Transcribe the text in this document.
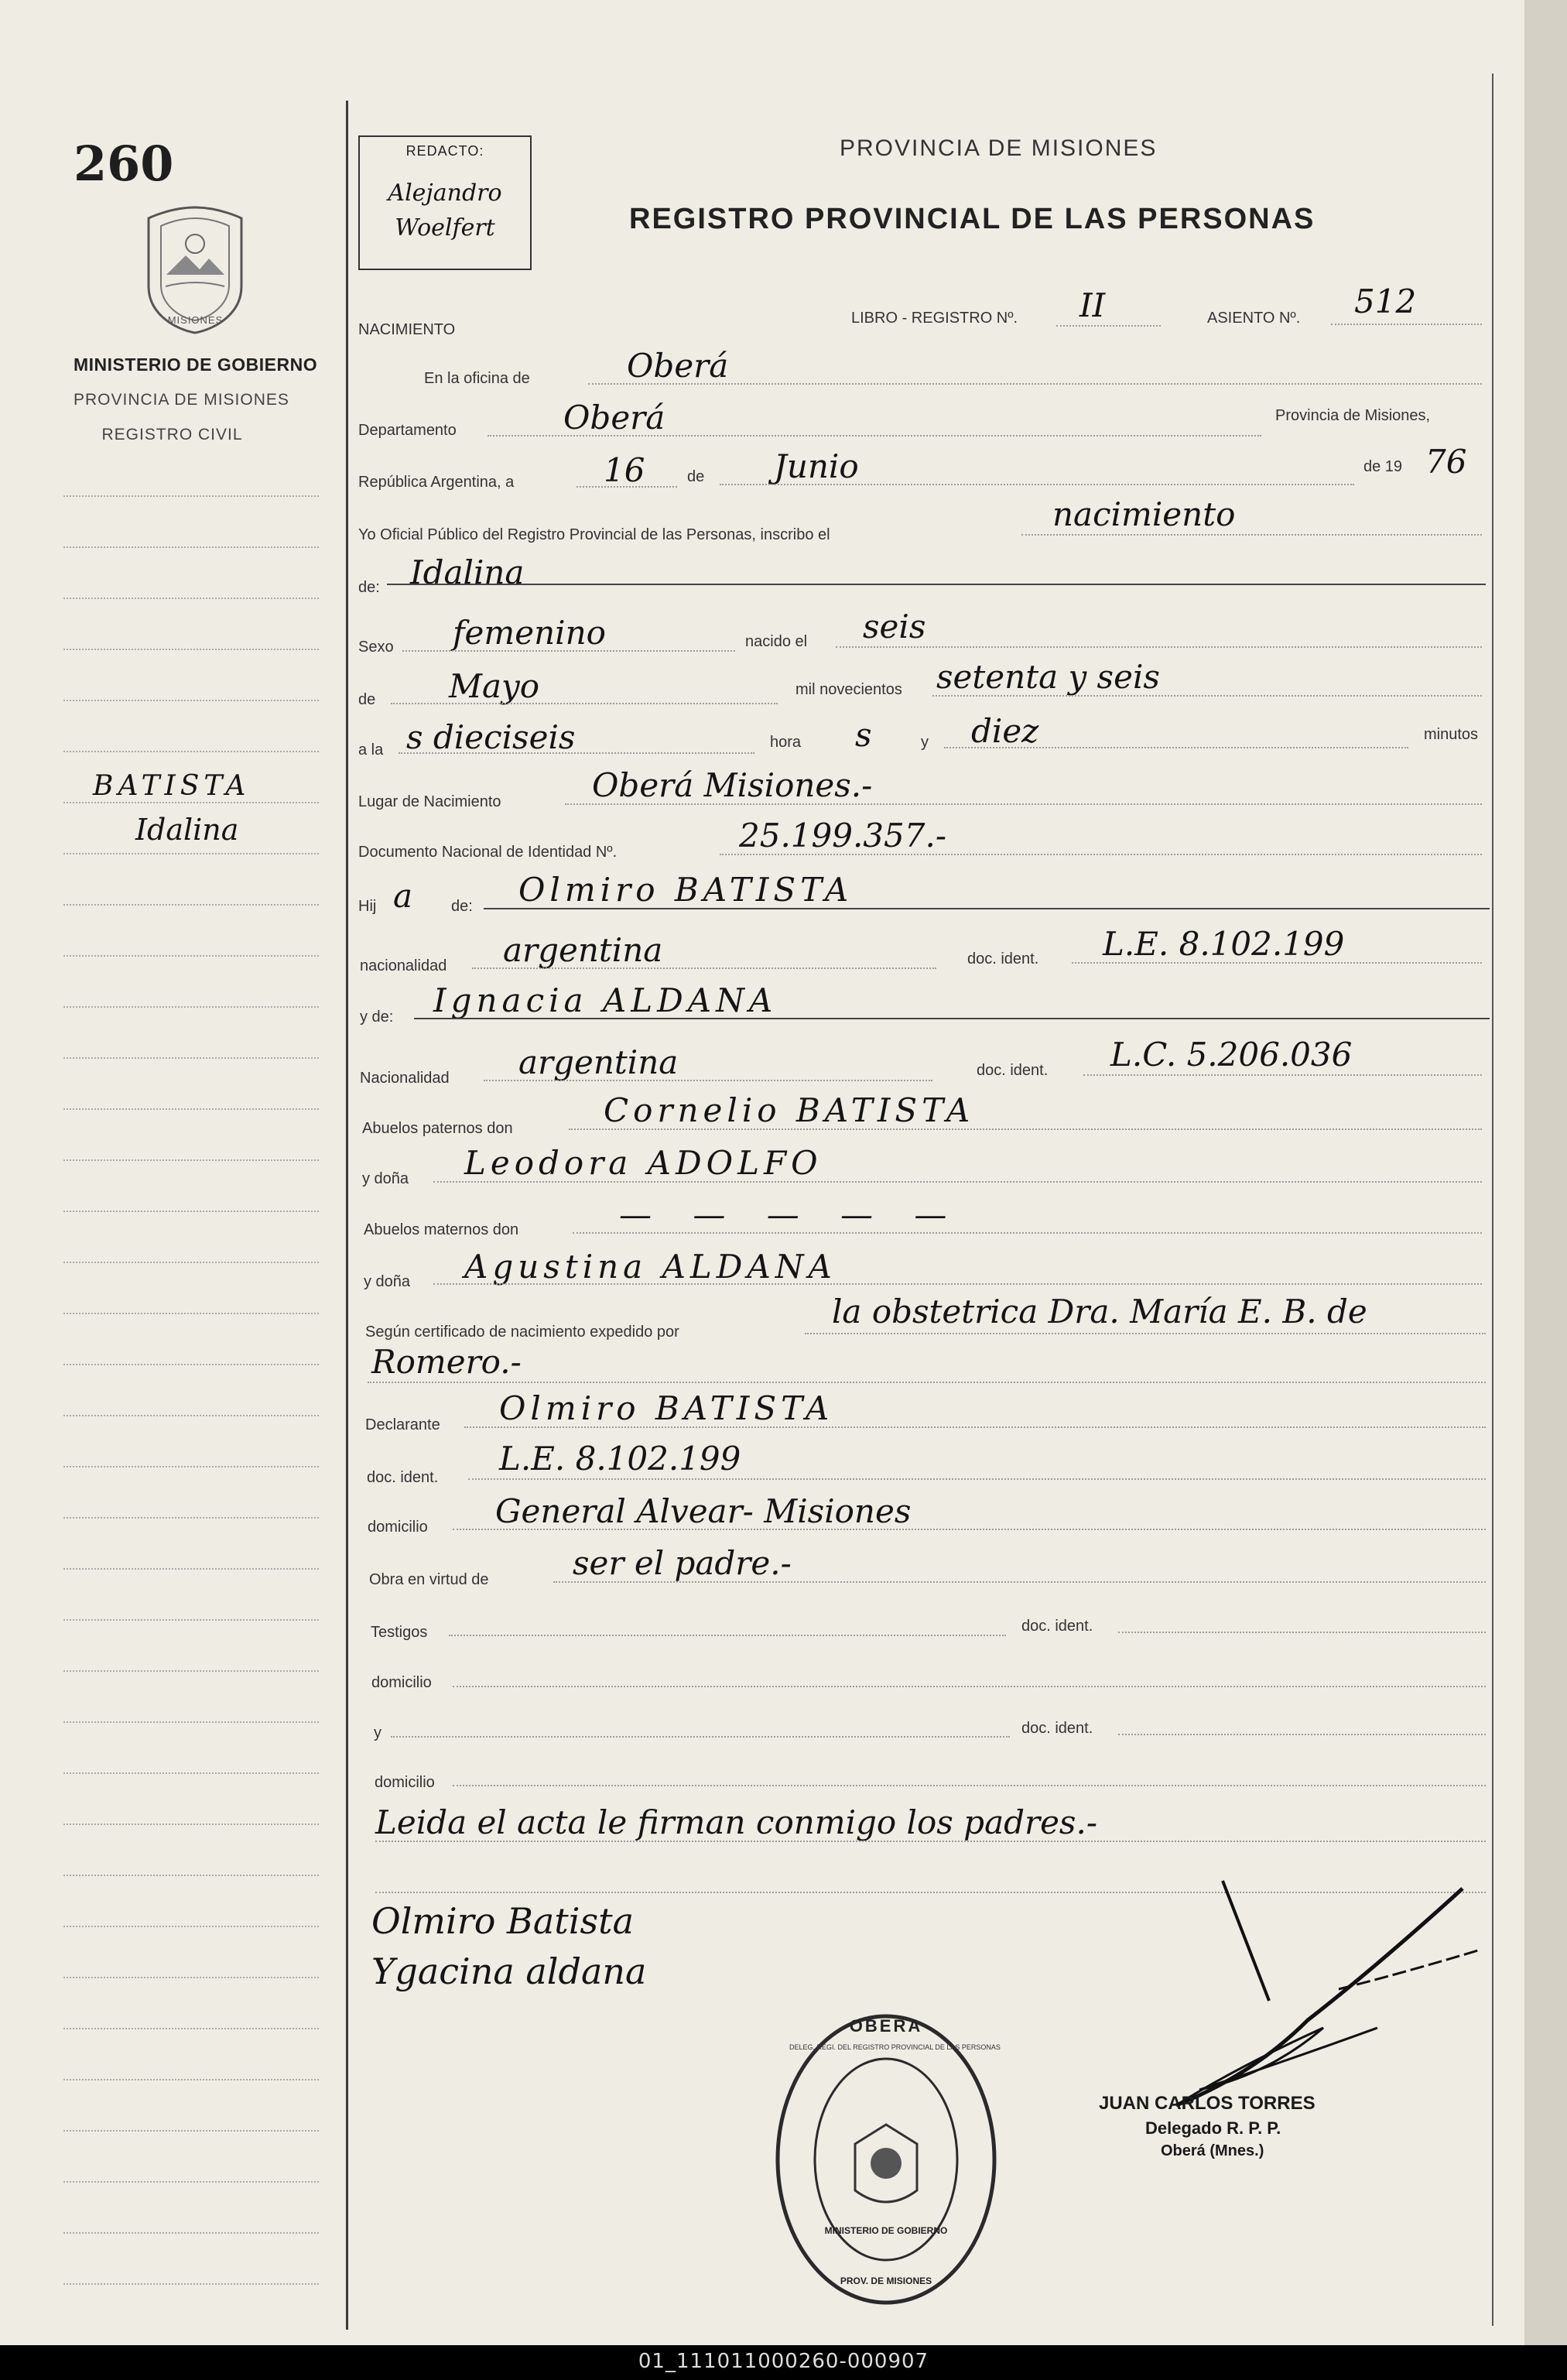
260
MISIONES
MINISTERIO DE GOBIERNO
PROVINCIA DE MISIONES
REGISTRO CIVIL
BATISTA
Idalina
REDACTO:
Alejandro
Woelfert
PROVINCIA DE MISIONES
REGISTRO PROVINCIAL DE LAS PERSONAS
NACIMIENTO
LIBRO - REGISTRO Nº. II	ASIENTO Nº. 512
En la oficina de	Oberá
Departamento	Oberá	Provincia de Misiones,
República Argentina, a	16	de Junio	de 19 76
Yo Oficial Público del Registro Provincial de las Personas, inscribo el
nacimiento
de: Idalina
Sexo femenino	nacido el seis
de Mayo	mil novecientos setenta y seis
a la s dieciseis	hora s	y diez	minutos
Lugar de Nacimiento	Oberá Misiones.-
Documento Nacional de Identidad Nº.	25.199.357.-
Hij a de: Olmiro BATISTA
nacionalidad argentina	doc. ident. L.E. 8.102.199
y de: Ignacia ALDANA
Nacionalidad argentina	doc. ident. L.C. 5.206.036
Abuelos paternos don	Cornelio BATISTA
y doña Leodora ADOLFO
Abuelos maternos don	— — — — —
y doña Agustina ALDANA
Según certificado de nacimiento expedido por
la obstetrica Dra. María E. B. de
Romero.-
Declarante Olmiro BATISTA
doc. ident. L.E. 8.102.199
domicilio General Alvear- Misiones
Obra en virtud de	ser el padre.-
Testigos	doc. ident.
domicilio
y	doc. ident.
domicilio
Leida el acta le firman conmigo los padres.-
Olmiro Batista
Ygacina aldana
OBERA
DELEG. REGI. DEL REGISTRO PROVINCIAL DE LAS PERSONAS
MINISTERIO DE GOBIERNO
PROV. DE MISIONES
JUAN CARLOS TORRES
Delegado R. P. P.
Oberá (Mnes.)
01_111011000260-000907
